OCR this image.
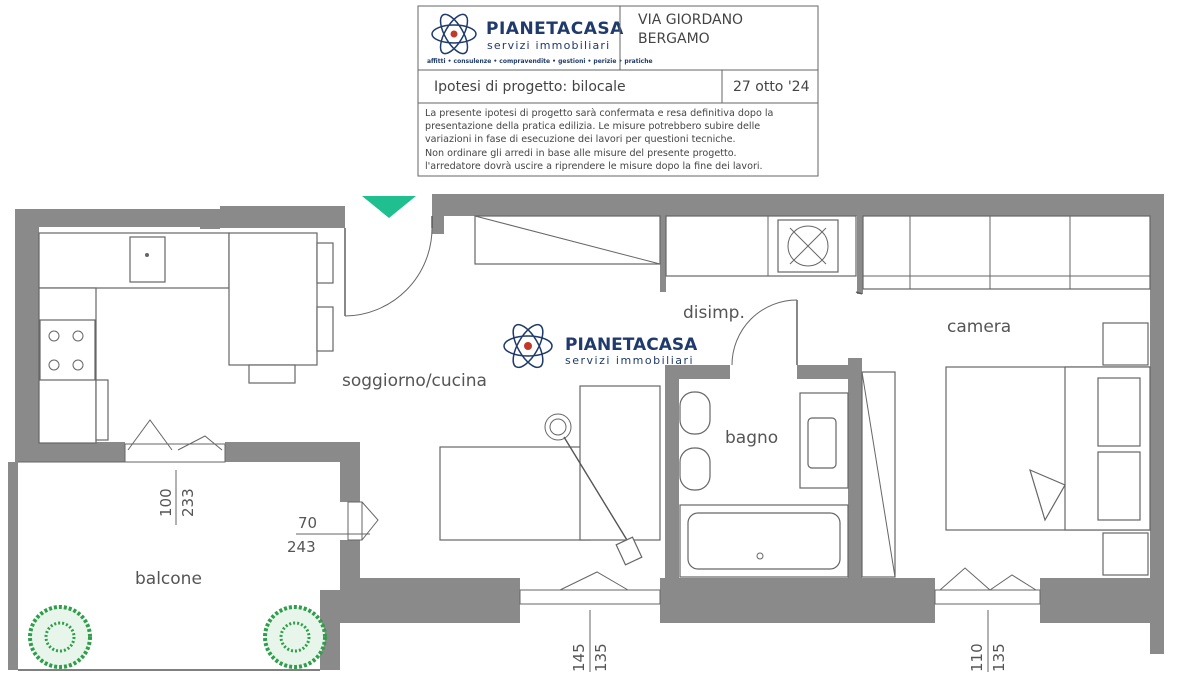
PIANETACASA
servizi immobiliari
affitti • consulenze • compravendite • gestioni • perizie • pratiche
VIA GIORDANO
BERGAMO
Ipotesi di progetto: bilocale	27 otto '24
La presente ipotesi di progetto sarà confermata e resa definitiva dopo la
presentazione della pratica edilizia. Le misure potrebbero subire delle
variazioni in fase di esecuzione dei lavori per questioni tecniche.
Non ordinare gli arredi in base alle misure del presente progetto.
l'arredatore dovrà uscire a riprendere le misure dopo la fine dei lavori.
PIANETACASA
servizi immobiliari
soggiorno/cucina
disimp.
camera
bagno
balcone
100 233
70
243
145 135	110 135
